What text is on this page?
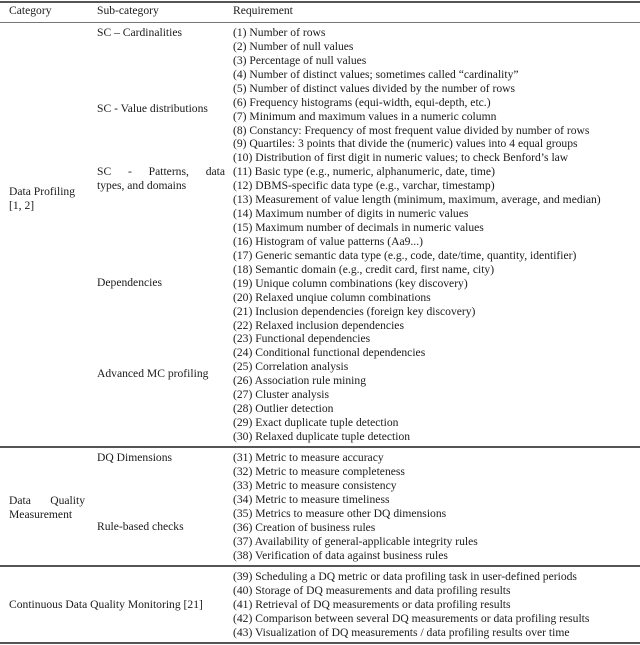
Category	Sub-category	Requirement
Data Profiling
[1, 2]
SC – Cardinalities
SC - Value distributions
SC - Patterns, data
types, and domains
Dependencies
Advanced MC profiling
(1) Number of rows
(2) Number of null values
(3) Percentage of null values
(4) Number of distinct values; sometimes called “cardinality”
(5) Number of distinct values divided by the number of rows
(6) Frequency histograms (equi-width, equi-depth, etc.)
(7) Minimum and maximum values in a numeric column
(8) Constancy: Frequency of most frequent value divided by number of rows
(9) Quartiles: 3 points that divide the (numeric) values into 4 equal groups
(10) Distribution of first digit in numeric values; to check Benford’s law
(11) Basic type (e.g., numeric, alphanumeric, date, time)
(12) DBMS-specific data type (e.g., varchar, timestamp)
(13) Measurement of value length (minimum, maximum, average, and median)
(14) Maximum number of digits in numeric values
(15) Maximum number of decimals in numeric values
(16) Histogram of value patterns (Aa9...)
(17) Generic semantic data type (e.g., code, date/time, quantity, identifier)
(18) Semantic domain (e.g., credit card, first name, city)
(19) Unique column combinations (key discovery)
(20) Relaxed unqiue column combinations
(21) Inclusion dependencies (foreign key discovery)
(22) Relaxed inclusion dependencies
(23) Functional dependencies
(24) Conditional functional dependencies
(25) Correlation analysis
(26) Association rule mining
(27) Cluster analysis
(28) Outlier detection
(29) Exact duplicate tuple detection
(30) Relaxed duplicate tuple detection
Data Quality
Measurement
DQ Dimensions
Rule-based checks
(31) Metric to measure accuracy
(32) Metric to measure completeness
(33) Metric to measure consistency
(34) Metric to measure timeliness
(35) Metrics to measure other DQ dimensions
(36) Creation of business rules
(37) Availability of general-applicable integrity rules
(38) Verification of data against business rules
Continuous Data Quality Monitoring [21]
(39) Scheduling a DQ metric or data profiling task in user-defined periods
(40) Storage of DQ measurements and data profiling results
(41) Retrieval of DQ measurements or data profiling results
(42) Comparison between several DQ measurements or data profiling results
(43) Visualization of DQ measurements / data profiling results over time
